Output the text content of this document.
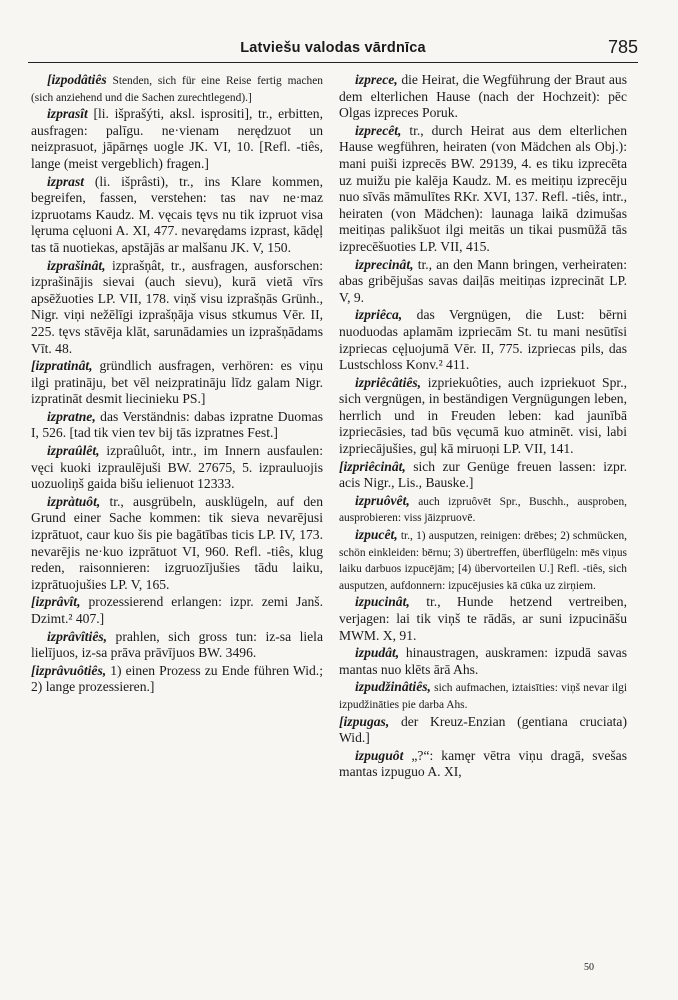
Latviešu valodas vārdnīca	785
[izpodâtiês Stenden, sich für eine Reise fertig machen (sich anziehend und die Sachen zurechtlegend).]
izprasît [li. išprašýti, aksl. isprositi], tr., erbitten, ausfragen: palīgu. ne·vienam nerędzuot un neizprasuot, jāpārnęs uogle JK. VI, 10. [Refl. -tiês, lange (meist vergeblich) fragen.]
izprast (li. išprâsti), tr., ins Klare kommen, begreifen, fassen, verstehen: tas nav ne·maz izpruotams Kaudz. M. vęcais tęvs nu tik izpruot visa lęruma cęluoni A. XI, 477. nevarędams izprast, kādęļ tas tā nuotiekas, apstājās ar malšanu JK. V, 150.
izprašinât, izprašņât, tr., ausfragen, ausforschen: izprašinājis sievai (auch sievu), kurā vietā vīrs apsēžuoties LP. VII, 178. viņš visu izprašņās Grünh., Nigr. viņi nežēlīgi izprašņāja visus stkumus Vēr. II, 225. tęvs stāvēja klāt, sarunādamies un izprašņādams Vīt. 48.
[izpratinât, gründlich ausfragen, verhören: es viņu ilgi pratināju, bet vēl neizpratināju līdz galam Nigr. izpratināt desmit liecinieku PS.]
izpratne, das Verständnis: dabas izpratne Duomas I, 526. [tad tik vien tev bij tās izpratnes Fest.]
izpraûlêt, izpraûluôt, intr., im Innern ausfaulen: vęci kuoki izpraulējuši BW. 27675, 5. izprauluojis uozuoliņš gaida bišu ielienuot 12333.
izpràtuôt, tr., ausgrübeln, ausklügeln, auf den Grund einer Sache kommen: tik sieva nevarējusi izprātuot, caur kuo šis pie bagātības ticis LP. IV, 173. nevarējis ne·kuo izprātuot VI, 960. Refl. -tiês, klug reden, raisonnieren: izgruozījušies tādu laiku, izprātuojušies LP. V, 165.
[izprâvît, prozessierend erlangen: izpr. zemi Janš. Dzimt.² 407.]
izprâvîtiês, prahlen, sich gross tun: iz-sa liela lielījuos, iz-sa prāva prāvījuos BW. 3496.
[izprâvuôtiês, 1) einen Prozess zu Ende führen Wid.; 2) lange prozessieren.]
izprece, die Heirat, die Wegführung der Braut aus dem elterlichen Hause (nach der Hochzeit): pēc Olgas izpreces Poruk.
izprecêt, tr., durch Heirat aus dem elterlichen Hause wegführen, heiraten (von Mädchen als Obj.): mani puiši izprecēs BW. 29139, 4. es tiku izprecēta uz muižu pie kalēja Kaudz. M. es meitiņu izprecēju nuo sīvās māmulītes RKr. XVI, 137. Refl. -tiês, intr., heiraten (von Mädchen): launaga laikā dzimušas meitiņas palikšuot ilgi meitās un tikai pusmūžā tās izprecēšuoties LP. VII, 415.
izprecinât, tr., an den Mann bringen, verheiraten: abas gribējušas savas daiļās meitiņas izprecināt LP. V, 9.
izpriêca, das Vergnügen, die Lust: bērni nuoduodas aplamām izpriecām St. tu mani nesūtīsi izpriecas cęļuojumā Vēr. II, 775. izpriecas pils, das Lustschloss Konv.² 411.
izpriêcâtiês, izpriekuôties, auch izpriekuot Spr., sich vergnügen, in beständigen Vergnügungen leben, herrlich und in Freuden leben: kad jaunībā izpriecāsies, tad būs vęcumā kuo atminēt. visi, labi izpriecājušies, guļ kā miruoņi LP. VII, 141.
[izpriêcinât, sich zur Genüge freuen lassen: izpr. acis Nigr., Lis., Bauske.]
izpruôvêt, auch izpruôvēt Spr., Buschh., ausproben, ausprobieren: viss jāizpruovē.
izpucêt, tr., 1) ausputzen, reinigen: drēbes; 2) schmücken, schön einkleiden: bērnu; 3) übertreffen, überflügeln: mēs viņus laiku darbuos izpucējām; [4) übervorteilen U.] Refl. -tiês, sich ausputzen, aufdonnern: izpucējusies kā cūka uz zirņiem.
izpucinât, tr., Hunde hetzend vertreiben, verjagen: lai tik viņš te rādās, ar suni izpucināšu MWM. X, 91.
izpudât, hinaustragen, auskramen: izpudā savas mantas nuo klēts ārā Ahs.
izpudžinâtiês, sich aufmachen, iztaisīties: viņš nevar ilgi izpudžināties pie darba Ahs.
[izpugas, der Kreuz-Enzian (gentiana cruciata) Wid.]
izpuguôt „?“: kamęr vētra viņu dragā, svešas mantas izpuguo A. XI,
50
